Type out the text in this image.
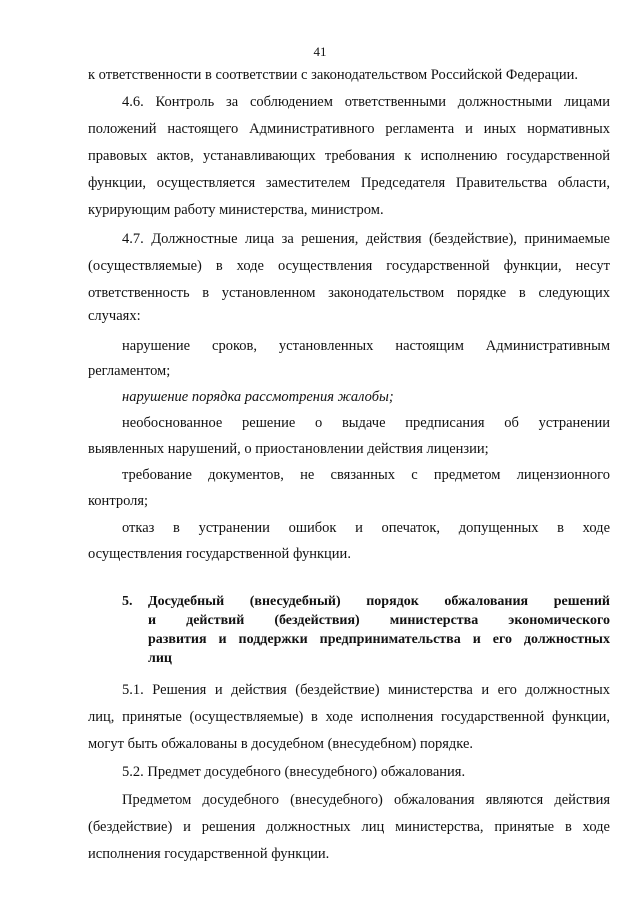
41

к ответственности в соответствии с законодательством Российской Федерации.

4.6. Контроль за соблюдением ответственными должностными лицами

положений настоящего Административного регламента и иных нормативных

правовых актов, устанавливающих требования к исполнению государственной

функции, осуществляется заместителем Председателя Правительства области,

курирующим работу министерства, министром.

4.7. Должностные лица за решения, действия (бездействие), принимаемые

(осуществляемые) в ходе осуществления государственной функции, несут

ответственность в установленном законодательством порядке в следующих

случаях:

нарушение сроков, установленных настоящим Административным

регламентом;

нарушение порядка рассмотрения жалобы;

необоснованное решение о выдаче предписания об устранении

выявленных нарушений, о приостановлении действия лицензии;

требование документов, не связанных с предметом лицензионного

контроля;

отказ в устранении ошибок и опечаток, допущенных в ходе

осуществления государственной функции.

5. Досудебный (внесудебный) порядок обжалования решений
и действий (бездействия) министерства экономического
развития и поддержки предпринимательства и его должностных
лиц

5.1. Решения и действия (бездействие) министерства и его должностных

лиц, принятые (осуществляемые) в ходе исполнения государственной функции,

могут быть обжалованы в досудебном (внесудебном) порядке.

5.2. Предмет досудебного (внесудебного) обжалования.

Предметом досудебного (внесудебного) обжалования являются действия

(бездействие) и решения должностных лиц министерства, принятые в ходе

исполнения государственной функции.
